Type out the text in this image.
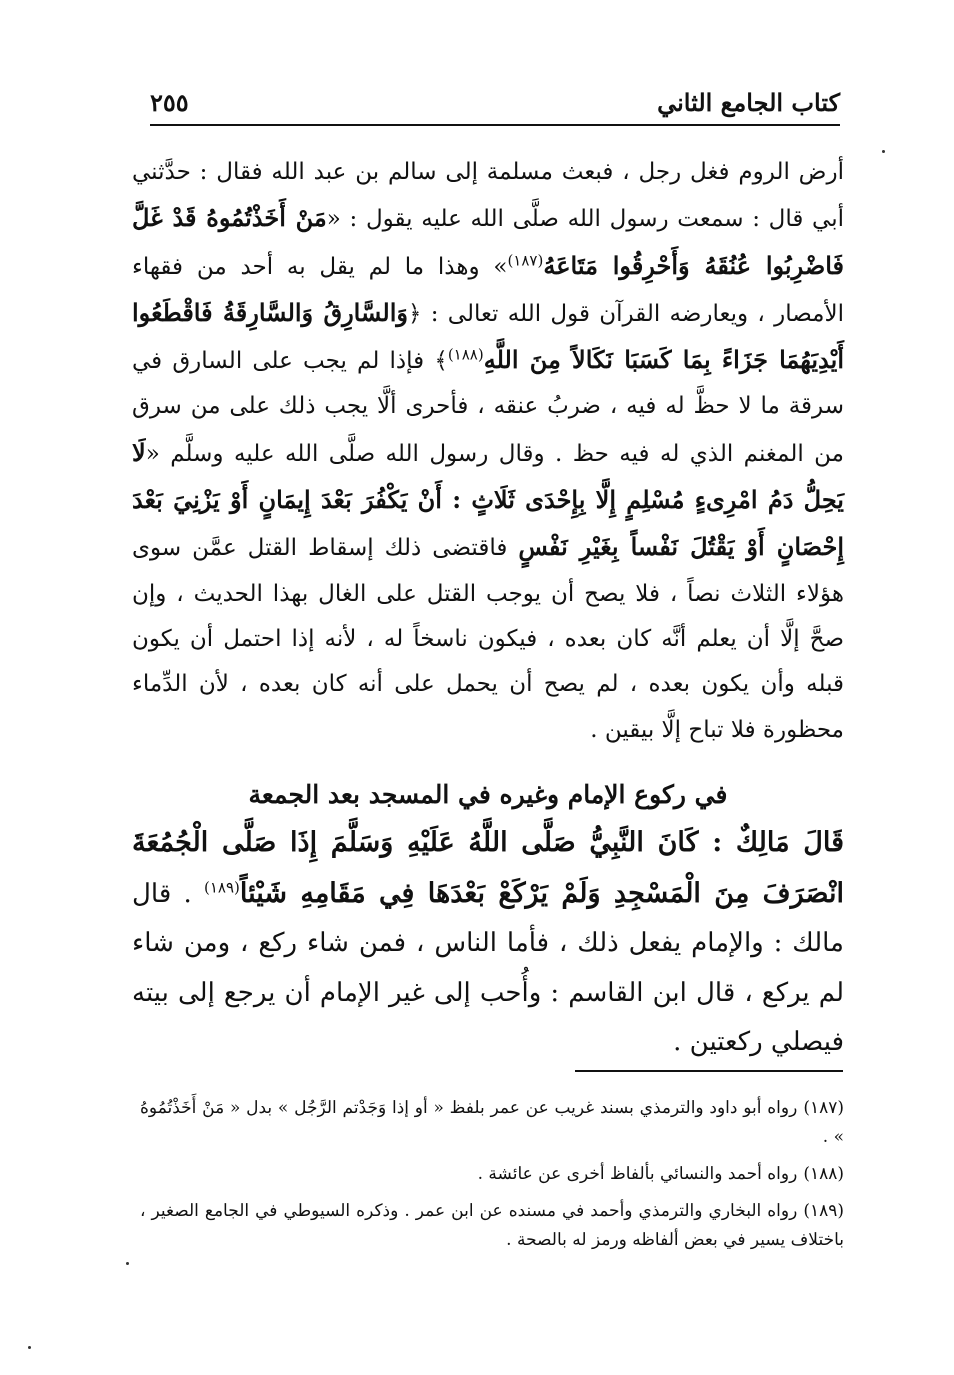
كتاب الجامع الثاني
٢٥٥

أرض الروم فغل رجل ، فبعث مسلمة إلى سالم بن عبد الله فقال : حدَّثني أبي قال : سمعت رسول الله صلَّى الله عليه يقول : «مَنْ أَخَذْتُمُوهُ قَدْ غَلَّ فَاضْرِبُوا عُنُقَهُ وَأَحْرِقُوا مَتَاعَهُ$^{(١٨٧)}$» وهذا ما لم يقل به أحد من فقهاء الأمصار ، ويعارضه القرآن قول الله تعالى : ﴿وَالسَّارِقُ وَالسَّارِقَةُ فَاقْطَعُوا أَيْدِيَهُمَا جَزَاءً بِمَا كَسَبَا نَكَالاً مِنَ اللَّهِ$^{(١٨٨)}$﴾ فإذا لم يجب على السارق في سرقة ما لا حظَّ له فيه ، ضربُ عنقه ، فأحرى ألَّا يجب ذلك على من سرق من المغنم الذي له فيه حظ . وقال رسول الله صلَّى الله عليه وسلَّم «لَا يَحِلُّ دَمُ امْرِىءٍ مُسْلِمٍ إِلَّا بِإِحْدَى ثَلَاثٍ : أَنْ يَكْفُرَ بَعْدَ إِيمَانٍ أَوْ يَزْنِيَ بَعْدَ إِحْصَانٍ أَوْ يَقْتُلَ نَفْساً بِغَيْرِ نَفْسٍ فاقتضى ذلك إسقاط القتل عمَّن سوى هؤلاء الثلاث نصاً ، فلا يصح أن يوجب القتل على الغال بهذا الحديث ، وإن صحَّ إلَّا أن يعلم أنَّه كان بعده ، فيكون ناسخاً له ، لأنه إذا احتمل أن يكون قبله وأن يكون بعده ، لم يصح أن يحمل على أنه كان بعده ، لأن الدِّماء محظورة فلا تباح إلَّا بيقين .

في ركوع الإمام وغيره في المسجد بعد الجمعة

قَالَ مَالِكٌ : كَانَ النَّبِيُّ صَلَّى اللَّهُ عَلَيْهِ وَسَلَّمَ إِذَا صَلَّى الْجُمُعَةَ انْصَرَفَ مِنَ الْمَسْجِدِ وَلَمْ يَرْكَعْ بَعْدَهَا فِي مَقَامِهِ شَيْئاً$^{(١٨٩)}$ . قال مالك : والإمام يفعل ذلك ، فأما الناس ، فمن شاء ركع ، ومن شاء لم يركع ، قال ابن القاسم : وأُحب إلى غير الإمام أن يرجع إلى بيته فيصلي ركعتين .

(١٨٧)رواه أبو داود والترمذي بسند غريب عن عمر بلفظ « أو إذا وَجَدْتم الرَّجُل » بدل « مَنْ أَخَذْتُمُوهُ » .

(١٨٨)رواه أحمد والنسائي بألفاظ أخرى عن عائشة .

(١٨٩)رواه البخاري والترمذي وأحمد في مسنده عن ابن عمر . وذكره السيوطي في الجامع الصغير ، باختلاف يسير في بعض ألفاظه ورمز له بالصحة .
